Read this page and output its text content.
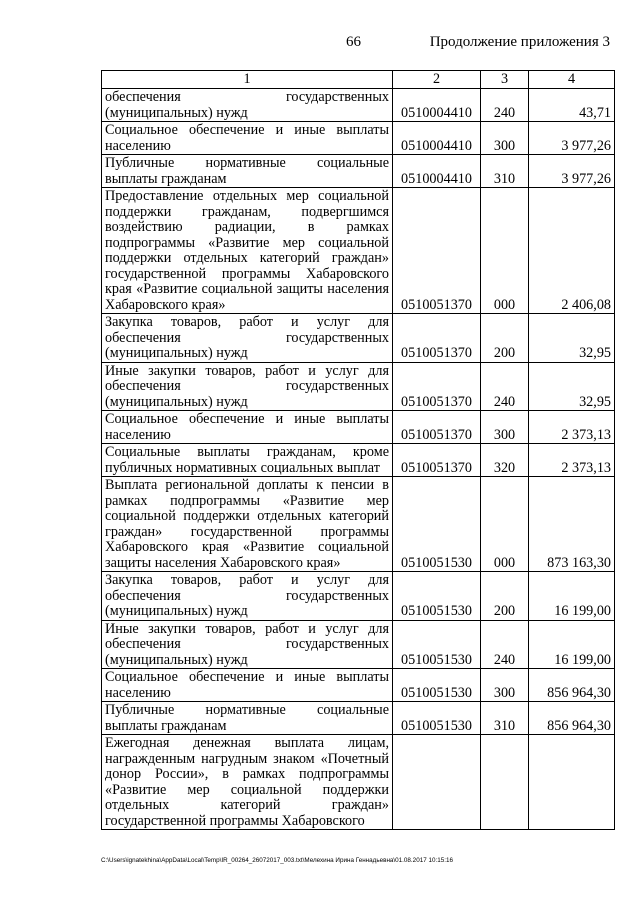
66	Продолжение приложения 3
1	2	3	4
обеспечения государственных (муниципальных) нужд	0510004410	240	43,71
Социальное обеспечение и иные выплаты населению	0510004410	300	3 977,26
Публичные нормативные социальные выплаты гражданам	0510004410	310	3 977,26
Предоставление отдельных мер социальной поддержки гражданам, подвергшимся воздействию радиации, в рамках подпрограммы «Развитие мер социальной поддержки отдельных категорий граждан» государственной программы Хабаровского края «Развитие социальной защиты населения Хабаровского края»	0510051370	000	2 406,08
Закупка товаров, работ и услуг для обеспечения государственных (муниципальных) нужд	0510051370	200	32,95
Иные закупки товаров, работ и услуг для обеспечения государственных (муниципальных) нужд	0510051370	240	32,95
Социальное обеспечение и иные выплаты населению	0510051370	300	2 373,13
Социальные выплаты гражданам, кроме публичных нормативных социальных выплат	0510051370	320	2 373,13
Выплата региональной доплаты к пенсии в рамках подпрограммы «Развитие мер социальной поддержки отдельных категорий граждан» государственной программы Хабаровского края «Развитие социальной защиты населения Хабаровского края»	0510051530	000	873 163,30
Закупка товаров, работ и услуг для обеспечения государственных (муниципальных) нужд	0510051530	200	16 199,00
Иные закупки товаров, работ и услуг для обеспечения государственных (муниципальных) нужд	0510051530	240	16 199,00
Социальное обеспечение и иные выплаты населению	0510051530	300	856 964,30
Публичные нормативные социальные выплаты гражданам	0510051530	310	856 964,30
Ежегодная денежная выплата лицам, награжденным нагрудным знаком «Почетный донор России», в рамках подпрограммы «Развитие мер социальной поддержки отдельных категорий граждан» государственной программы Хабаровского			
C:\Users\ignatekhina\AppData\Local\Temp\IR_00264_26072017_003.txt\Мелехина Ирина Геннадьевна\01.08.2017 10:15:16
